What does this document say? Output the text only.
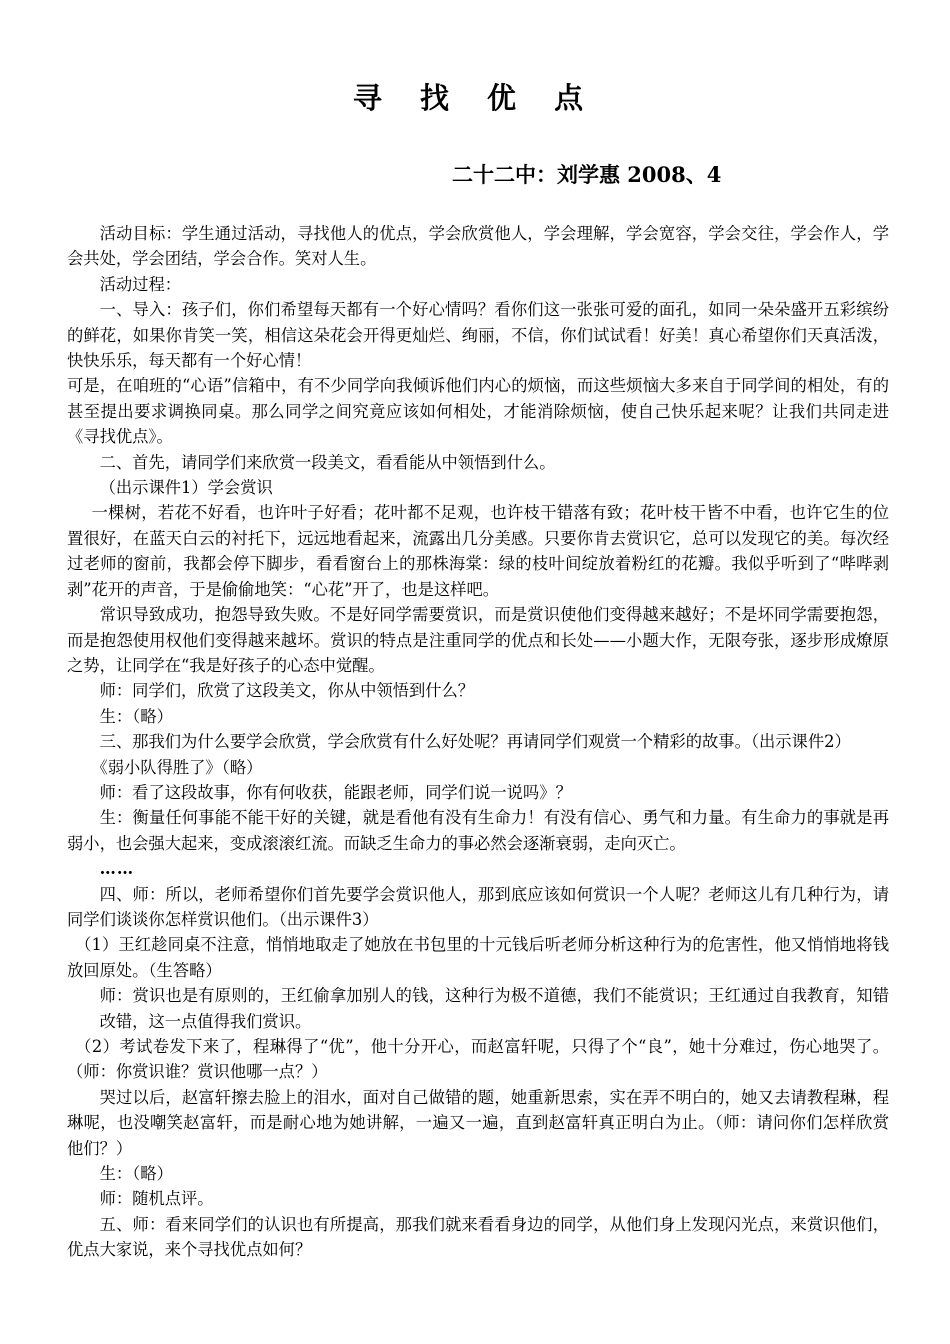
寻 找 优 点
二十二中：刘学惠 2008、4

活动目标：学生通过活动，寻找他人的优点，学会欣赏他人，学会理解，学会宽容，学会交往，学会作人，学会共处，学会团结，学会合作。笑对人生。

活动过程：

一、导入：孩子们，你们希望每天都有一个好心情吗？看你们这一张张可爱的面孔，如同一朵朵盛开五彩缤纷的鲜花，如果你肯笑一笑，相信这朵花会开得更灿烂、绚丽，不信，你们试试看！好美！真心希望你们天真活泼，快快乐乐，每天都有一个好心情！

可是，在咱班的“心语”信箱中，有不少同学向我倾诉他们内心的烦恼，而这些烦恼大多来自于同学间的相处，有的甚至提出要求调换同桌。那么同学之间究竟应该如何相处，才能消除烦恼，使自己快乐起来呢？让我们共同走进《寻找优点》。

二、首先，请同学们来欣赏一段美文，看看能从中领悟到什么。

（出示课件1）学会赏识

一棵树，若花不好看，也许叶子好看；花叶都不足观，也许枝干错落有致；花叶枝干皆不中看，也许它生的位置很好，在蓝天白云的衬托下，远远地看起来，流露出几分美感。只要你肯去赏识它，总可以发现它的美。每次经过老师的窗前，我都会停下脚步，看看窗台上的那株海棠：绿的枝叶间绽放着粉红的花瓣。我似乎听到了“哔哔剥剥”花开的声音，于是偷偷地笑：“心花”开了，也是这样吧。

常识导致成功，抱怨导致失败。不是好同学需要赏识，而是赏识使他们变得越来越好；不是坏同学需要抱怨，而是抱怨使用权他们变得越来越坏。赏识的特点是注重同学的优点和长处——小题大作，无限夸张，逐步形成燎原之势，让同学在“我是好孩子的心态中觉醒。

师：同学们，欣赏了这段美文，你从中领悟到什么？

生：（略）

三、那我们为什么要学会欣赏，学会欣赏有什么好处呢？再请同学们观赏一个精彩的故事。（出示课件2）

《弱小队得胜了》（略）

师：看了这段故事，你有何收获，能跟老师，同学们说一说吗》？

生：衡量任何事能不能干好的关键，就是看他有没有生命力！有没有信心、勇气和力量。有生命力的事就是再弱小，也会强大起来，变成滚滚红流。而缺乏生命力的事必然会逐渐衰弱，走向灭亡。

……

四、师：所以，老师希望你们首先要学会赏识他人，那到底应该如何赏识一个人呢？老师这儿有几种行为，请同学们谈谈你怎样赏识他们。（出示课件3）

（1）王红趁同桌不注意，悄悄地取走了她放在书包里的十元钱后听老师分析这种行为的危害性，他又悄悄地将钱放回原处。（生答略）

师：赏识也是有原则的，王红偷拿加别人的钱，这种行为极不道德，我们不能赏识；王红通过自我教育，知错改错，这一点值得我们赏识。

（2）考试卷发下来了，程琳得了“优”，他十分开心，而赵富轩呢，只得了个“良”，她十分难过，伤心地哭了。（师：你赏识谁？赏识他哪一点？）

哭过以后，赵富轩擦去脸上的泪水，面对自己做错的题，她重新思索，实在弄不明白的，她又去请教程琳，程琳呢，也没嘲笑赵富轩，而是耐心地为她讲解，一遍又一遍，直到赵富轩真正明白为止。（师：请问你们怎样欣赏他们？）

生：（略）

师：随机点评。

五、师：看来同学们的认识也有所提高，那我们就来看看身边的同学，从他们身上发现闪光点，来赏识他们，优点大家说，来个寻找优点如何？
